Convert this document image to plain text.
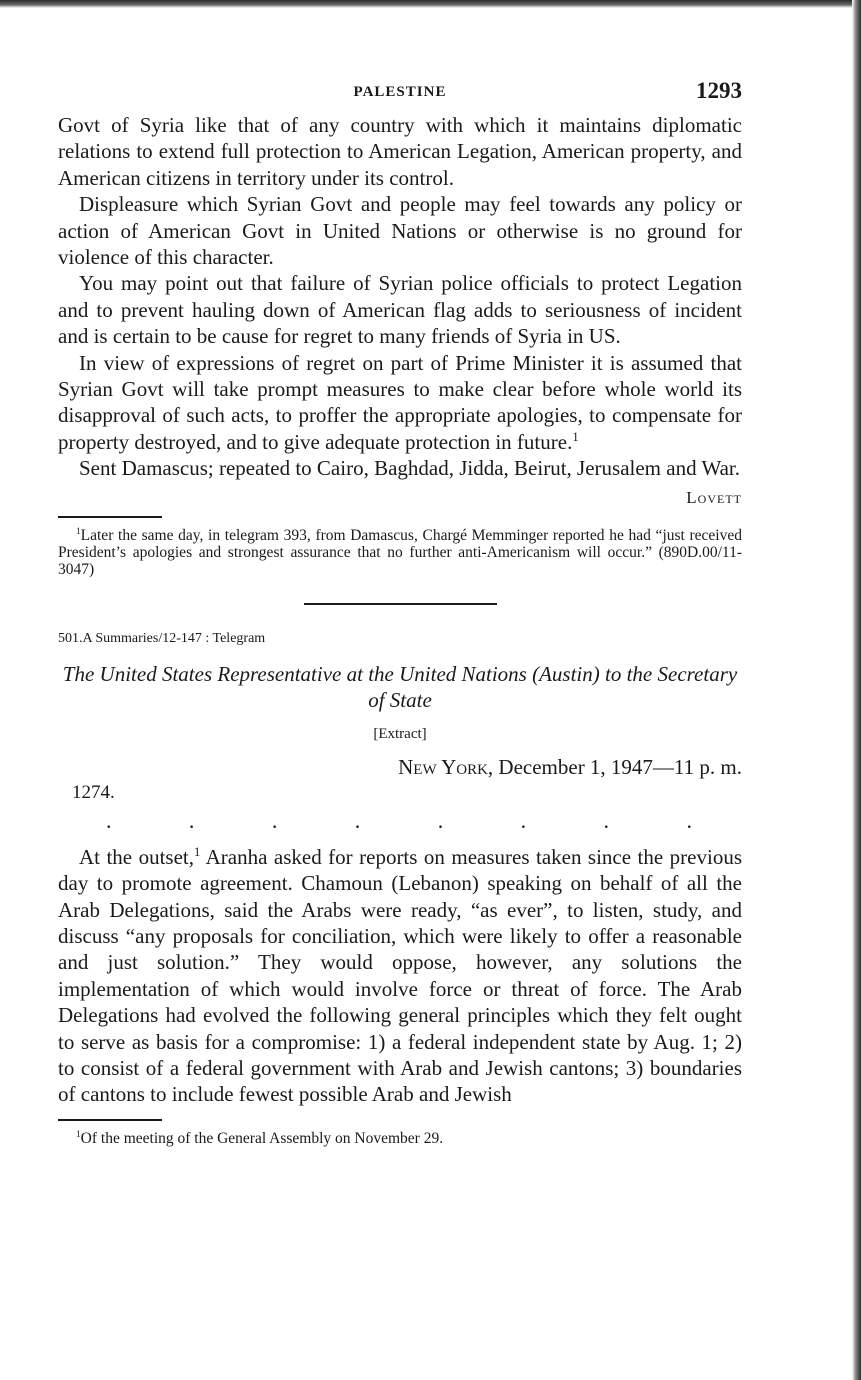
PALESTINE	1293

Govt of Syria like that of any country with which it maintains diplomatic relations to extend full protection to American Legation, American property, and American citizens in territory under its control.

Displeasure which Syrian Govt and people may feel towards any policy or action of American Govt in United Nations or otherwise is no ground for violence of this character.

You may point out that failure of Syrian police officials to protect Legation and to prevent hauling down of American flag adds to seriousness of incident and is certain to be cause for regret to many friends of Syria in US.

In view of expressions of regret on part of Prime Minister it is assumed that Syrian Govt will take prompt measures to make clear before whole world its disapproval of such acts, to proffer the appropriate apologies, to compensate for property destroyed, and to give adequate protection in future.$^1$

Sent Damascus; repeated to Cairo, Baghdad, Jidda, Beirut, Jerusalem and War.

Lovett
$^1$Later the same day, in telegram 393, from Damascus, Chargé Memminger reported he had “just received President’s apologies and strongest assurance that no further anti-Americanism will occur.” (890D.00/11-3047)
501.A Summaries/12-147 : Telegram
The United States Representative at the United Nations (Austin) to the Secretary of State
[Extract]
New York, December 1, 1947—11 p. m.
1274.
.	.	.	.	.	.	.	.

At the outset,$^1$ Aranha asked for reports on measures taken since the previous day to promote agreement. Chamoun (Lebanon) speaking on behalf of all the Arab Delegations, said the Arabs were ready, “as ever”, to listen, study, and discuss “any proposals for conciliation, which were likely to offer a reasonable and just solution.” They would oppose, however, any solutions the implementation of which would involve force or threat of force. The Arab Delegations had evolved the following general principles which they felt ought to serve as basis for a compromise: 1) a federal independent state by Aug. 1; 2) to consist of a federal government with Arab and Jewish cantons; 3) boundaries of cantons to include fewest possible Arab and Jewish

$^1$Of the meeting of the General Assembly on November 29.
